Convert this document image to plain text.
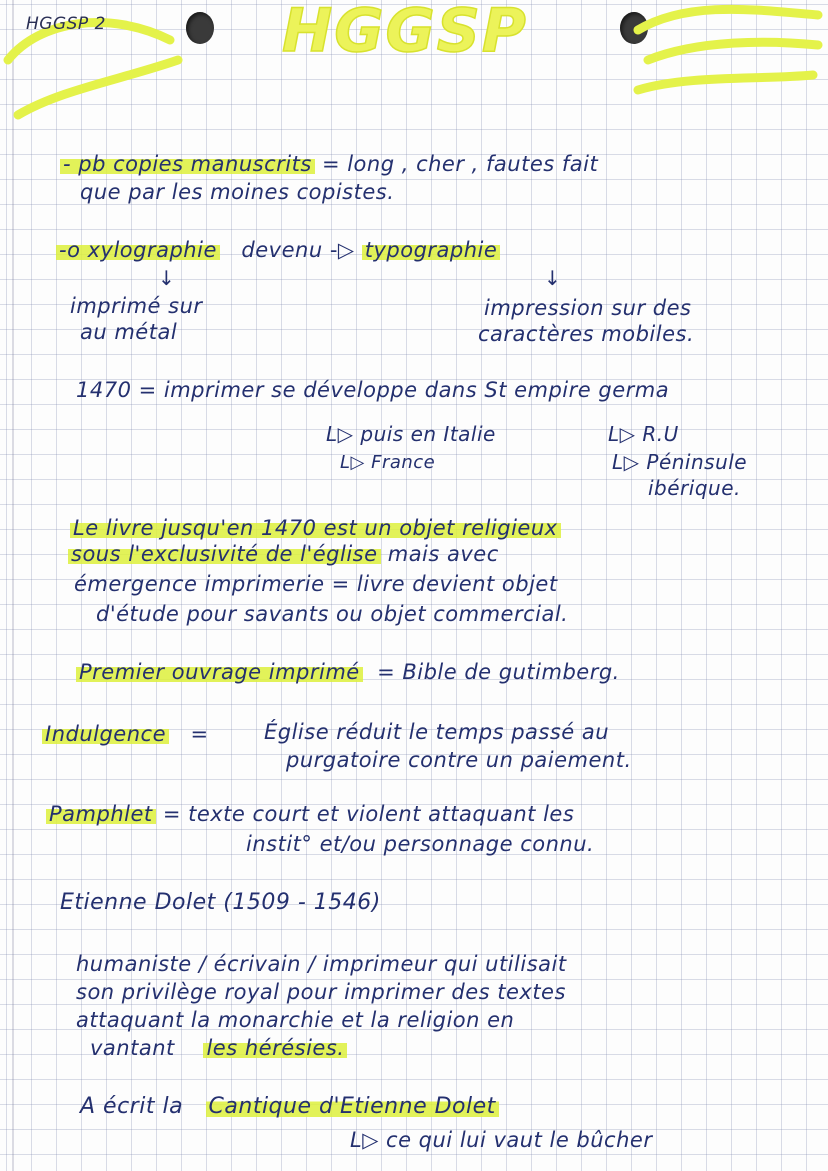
HGGSP 2	HGGSP
- pb copies manuscrits = long , cher , fautes fait
que par les moines copistes.
-o xylographie devenu -▷ typographie
↓	↓
imprimé sur
au métal
impression sur des
caractères mobiles.
1470 = imprimer se développe dans St empire germa
L▷ puis en Italie	L▷ R.U
L▷ France	L▷ Péninsule
ibérique.
Le livre jusqu'en 1470 est un objet religieux
sous l'exclusivité de l'église mais avec
émergence imprimerie = livre devient objet
d'étude pour savants ou objet commercial.
Premier ouvrage imprimé = Bible de gutimberg.
Indulgence =	Église réduit le temps passé au
purgatoire contre un paiement.
Pamphlet = texte court et violent attaquant les
instit° et/ou personnage connu.
Etienne Dolet (1509 - 1546)
humaniste / écrivain / imprimeur qui utilisait
son privilège royal pour imprimer des textes
attaquant la monarchie et la religion en
vantant les hérésies.
A écrit la Cantique d'Etienne Dolet
L▷ ce qui lui vaut le bûcher
